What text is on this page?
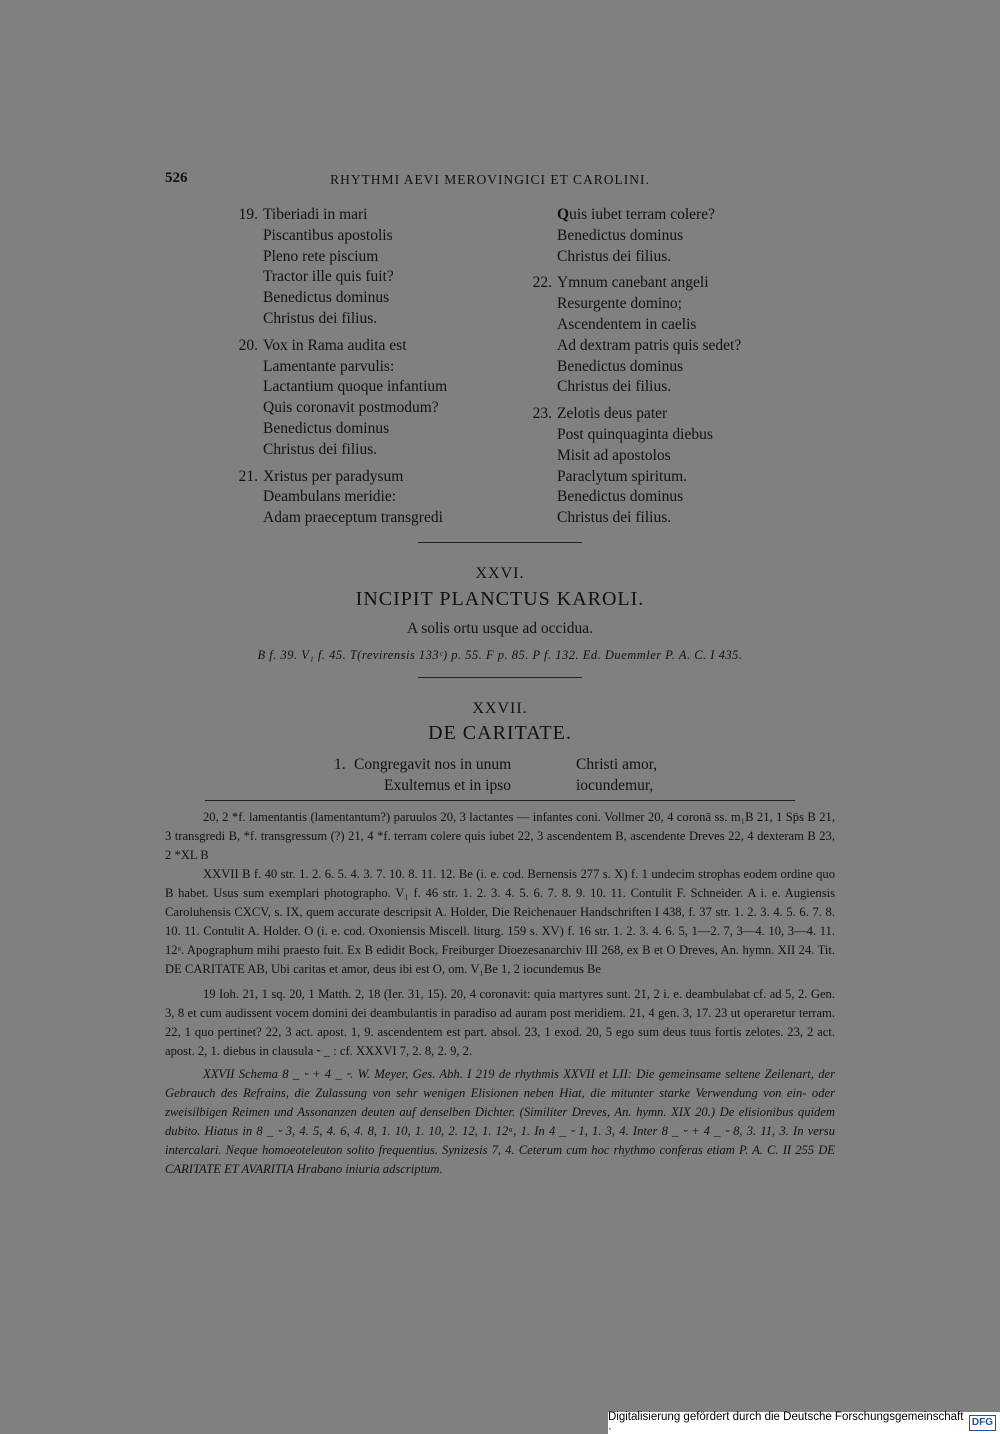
526	RHYTHMI AEVI MEROVINGICI ET CAROLINI.
19. Tiberiadi in mari
Piscantibus apostolis
Pleno rete piscium
Tractor ille quis fuit?
Benedictus dominus
Christus dei filius.
20. Vox in Rama audita est
Lamentante parvulis:
Lactantium quoque infantium
Quis coronavit postmodum?
Benedictus dominus
Christus dei filius.
21. Xristus per paradysum
Deambulans meridie:
Adam praeceptum transgredi
Quis iubet terram colere?
Benedictus dominus
Christus dei filius.
22. Ymnum canebant angeli
Resurgente domino;
Ascendentem in caelis
Ad dextram patris quis sedet?
Benedictus dominus
Christus dei filius.
23. Zelotis deus pater
Post quinquaginta diebus
Misit ad apostolos
Paraclytum spiritum.
Benedictus dominus
Christus dei filius.
XXVI.
INCIPIT PLANCTUS KAROLI.
A solis ortu usque ad occidua.
B f. 39. V₁ f. 45. T(revirensis 133ᶜ) p. 55. F p. 85. P f. 132. Ed. Duemmler P. A. C. I 435.
XXVII.
DE CARITATE.
1. Congregavit nos in unum	Christi amor,
Exultemus et in ipso	iocundemur,

20, 2 *f. lamentantis (lamentantum?) paruulos 20, 3 lactantes — infantes coni. Vollmer 20, 4 coronā ss. m₁B 21, 1 Sp̄s B 21, 3 transgredi B, *f. transgressum (?) 21, 4 *f. terram colere quis iubet 22, 3 ascendentem B, ascendente Dreves 22, 4 dexteram B 23, 2 *XL B

XXVII B f. 40 str. 1. 2. 6. 5. 4. 3. 7. 10. 8. 11. 12. Be (i. e. cod. Bernensis 277 s. X) f. 1 undecim strophas eodem ordine quo B habet. Usus sum exemplari photographo. V₁ f. 46 str. 1. 2. 3. 4. 5. 6. 7. 8. 9. 10. 11. Contulit F. Schneider. A i. e. Augiensis Caroluhensis CXCV, s. IX, quem accurate descripsit A. Holder, Die Reichenauer Handschriften I 438, f. 37 str. 1. 2. 3. 4. 5. 6. 7. 8. 10. 11. Contulit A. Holder. O (i. e. cod. Oxoniensis Miscell. liturg. 159 s. XV) f. 16 str. 1. 2. 3. 4. 6. 5, 1—2. 7, 3—4. 10, 3—4. 11. 12ᵃ. Apographum mihi praesto fuit. Ex B edidit Bock, Freiburger Dioezesanarchiv III 268, ex B et O Dreves, An. hymn. XII 24. Tit. DE CARITATE AB, Ubi caritas et amor, deus ibi est O, om. V₁Be 1, 2 iocundemus Be

19 Ioh. 21, 1 sq. 20, 1 Matth. 2, 18 (Ier. 31, 15). 20, 4 coronavit: quia martyres sunt. 21, 2 i. e. deambulabat cf. ad 5, 2. Gen. 3, 8 et cum audissent vocem domini dei deambulantis in paradiso ad auram post meridiem. 21, 4 gen. 3, 17. 23 ut operaretur terram. 22, 1 quo pertinet? 22, 3 act. apost. 1, 9. ascendentem est part. absol. 23, 1 exod. 20, 5 ego sum deus tuus fortis zelotes. 23, 2 act. apost. 2, 1. diebus in clausula ⏑ _ : cf. XXXVI 7, 2. 8, 2. 9, 2.

XXVII Schema 8 _ ⏑ + 4 _ ⏑. W. Meyer, Ges. Abh. I 219 de rhythmis XXVII et LII: Die gemeinsame seltene Zeilenart, der Gebrauch des Refrains, die Zulassung von sehr wenigen Elisionen neben Hiat, die mitunter starke Verwendung von ein- oder zweisilbigen Reimen und Assonanzen deuten auf denselben Dichter. (Similiter Dreves, An. hymn. XIX 20.) De elisionibus quidem dubito. Hiatus in 8 _ ⏑ 3, 4. 5, 4. 6, 4. 8, 1. 10, 1. 10, 2. 12, 1. 12ᵃ, 1. In 4 _ ⏑ 1, 1. 3, 4. Inter 8 _ ⏑ + 4 _ ⏑ 8, 3. 11, 3. In versu intercalari. Neque homoeoteleuton solito frequentius. Synizesis 7, 4. Ceterum cum hoc rhythmo conferas etiam P. A. C. II 255 DE CARITATE ET AVARITIA Hrabano iniuria adscriptum.

Digitalisierung gefördert durch die Deutsche Forschungsgemeinschaft ·
DFG
